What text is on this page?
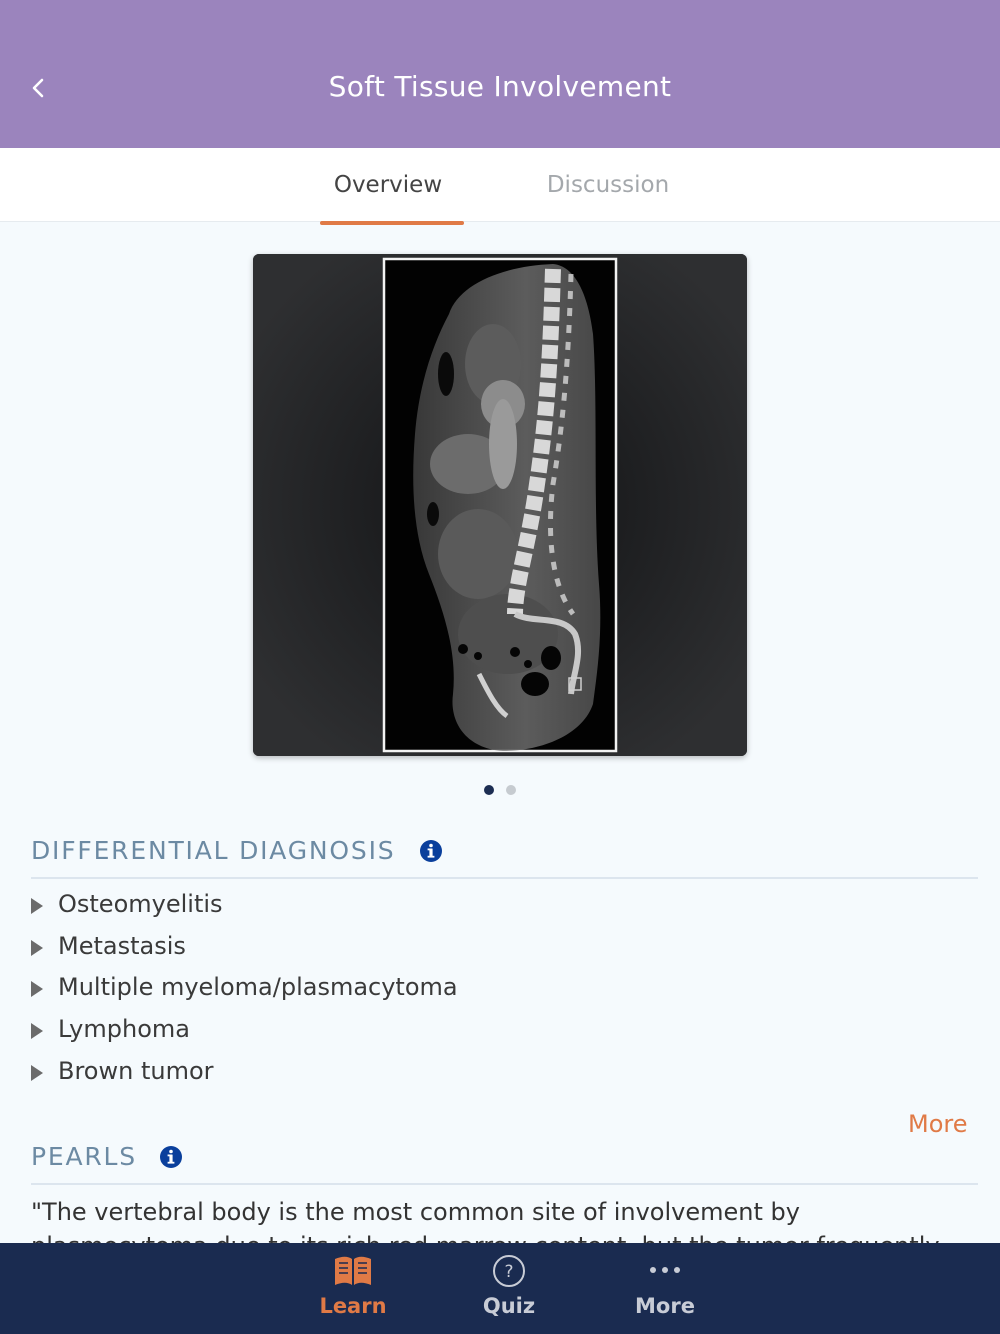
Soft Tissue Involvement
Overview	Discussion
DIFFERENTIAL DIAGNOSIS
Osteomyelitis
Metastasis
Multiple myeloma/plasmacytoma
Lymphoma
Brown tumor
More
PEARLS
"The vertebral body is the most common site of involvement by
Learn
?
Quiz	More
